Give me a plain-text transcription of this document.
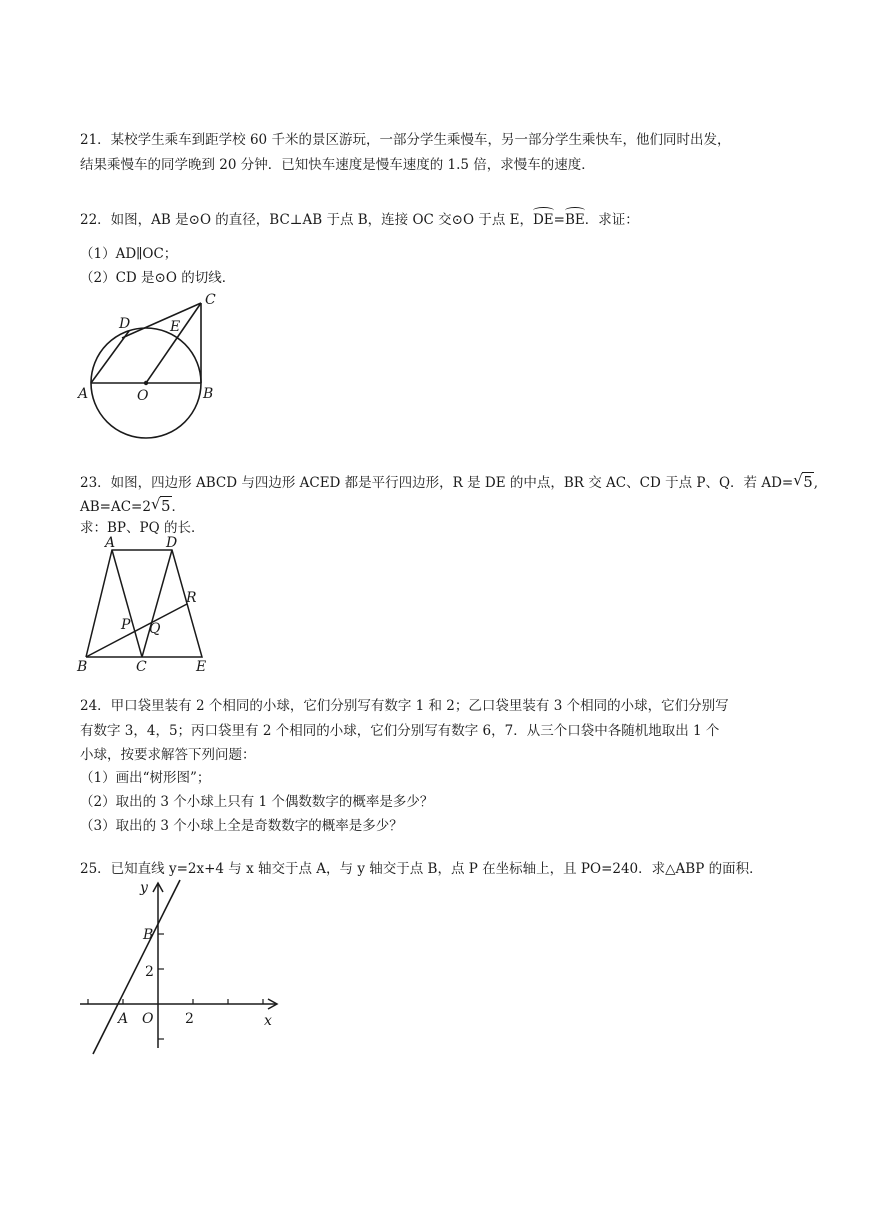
21．某校学生乘车到距学校 60 千米的景区游玩，一部分学生乘慢车，另一部分学生乘快车，他们同时出发，
结果乘慢车的同学晚到 20 分钟．已知快车速度是慢车速度的 1.5 倍，求慢车的速度．
22．如图，AB 是⊙O 的直径，BC⊥AB 于点 B，连接 OC 交⊙O 于点 E，DE=BE．求证：
（1）AD∥OC；
（2）CD 是⊙O 的切线．
A	O	B
C
D	E
23．如图，四边形 ABCD 与四边形 ACED 都是平行四边形，R 是 DE 的中点，BR 交 AC、CD 于点 P、Q．若 AD= √ 5,
AB=AC=2 √ 5．
求：BP、PQ 的长．
A	D
R
P Q
B	C	E
24．甲口袋里装有 2 个相同的小球，它们分别写有数字 1 和 2；乙口袋里装有 3 个相同的小球，它们分别写
有数字 3，4，5；丙口袋里有 2 个相同的小球，它们分别写有数字 6，7．从三个口袋中各随机地取出 1 个
小球，按要求解答下列问题：
（1）画出“树形图”；
（2）取出的 3 个小球上只有 1 个偶数数字的概率是多少？
（3）取出的 3 个小球上全是奇数数字的概率是多少？
25．已知直线 y=2x+4 与 x 轴交于点 A，与 y 轴交于点 B，点 P 在坐标轴上，且 PO=240．求△ABP 的面积．
y
B
2
A O 2	x
